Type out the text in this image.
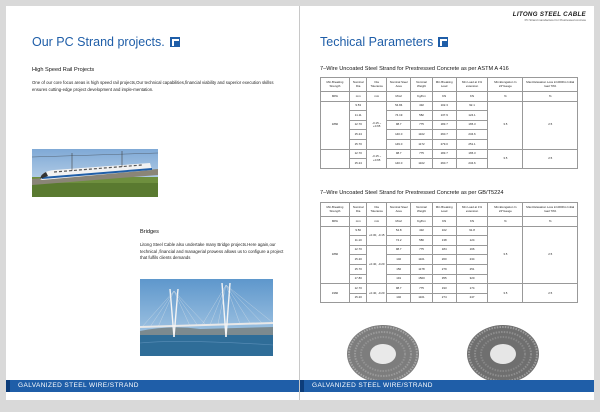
Our PC Strand projects.
High Speed Rail Projects
One of our core focus areas is high speed rail projects,Our technical capabilities,financial viability and superior execution skillss ensures cutting-edge project development and imple-mentation.
Bridges
Litong Steel Cable also undertake many Bridge projects.Here again,our technical ,financial and managerial prowess allows us to configure a project that fulfils clients demands
GALVANIZED STEEL WIRE/STRAND
LITONG STEEL CABLE
PC Strand manufacturer for Prestressed concrete
Techical Parameters
7–Wire Uncoated Steel Strand for Prestressed Concrete as per ASTM A 416
Min.Breaking Strength	Nominal Dia	Dia Tolerance	Nominal Steel Area	Nominal Weight	Min Breaking Load	Min Load at 1% extension	Min.Elongation In 24"Gauge	Max.Relaxation Loss in1000hrs Initial load 70%
MPA	mm	mm	Mm2	Kg/Km	KN	KN	%	%
1860	9.53	-0.15 ~ +0.65	54.84	432	102.3	92.1	3.5	2.5
	11.11		74.19	582	137.9	124.1		
	12.70		98.7	775	183.7	165.3		
	15.24		140.0	1102	260.7	234.6		
	15.70		149.0	1172	279.0	251.1		
	12.70	-0.15 ~ +0.65	98.7	775	183.7	165.3	3.5	2.5
	15.24		140.0	1102	260.7	234.6		
7–Wire Uncoated Steel Strand for Prestressed Concrete as per GB/T5224
Min.Breaking Strength	Nominal Dia	Dia Tolerance	Nominal Steel Area	Nominal Weight	Min Breaking Load	Min Load at 1% extension	Min.Elongation In 24"Gauge	Max.Relaxation Loss in1000hrs Initial load 70%
MPA	mm	mm	Mm2	Kg/Km	KN	KN	%	%
1860	9.50	+0.30, -0.15	54.8	432	102	91.8	3.5	2.5
	11.10		74.2	580	138	124		
	12.70	+0.40, -0.20	98.7	775	184	166		
	15.20		140	1101	260	234		
	15.70		150	1178	279	251		
	17.80		191	1500	355	320		
1960	12.70	+0.40, -0.20	98.7	775	193	174	3.5	2.5
	15.20		140	1101	274	247		
GALVANIZED STEEL WIRE/STRAND
